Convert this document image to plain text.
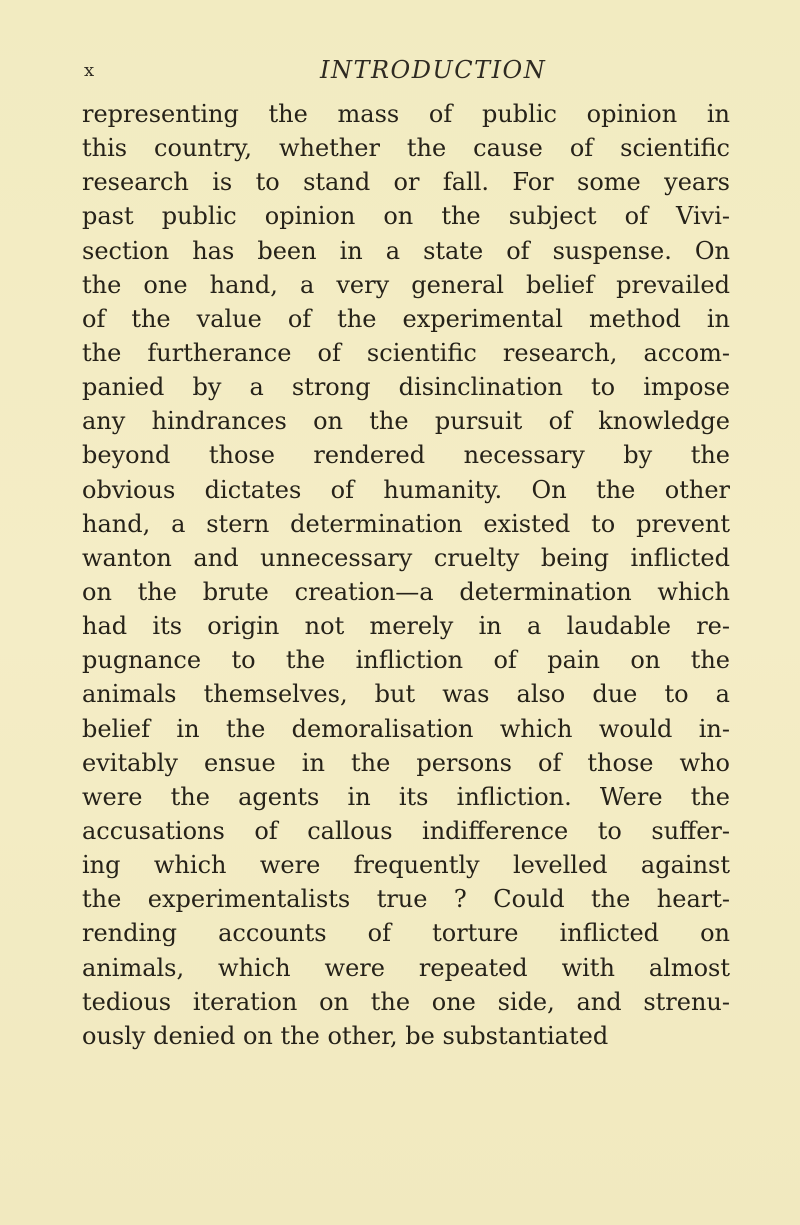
x	INTRODUCTION
representing the mass of public opinion in
this country, whether the cause of scientific
research is to stand or fall. For some years
past public opinion on the subject of Vivi-
section has been in a state of suspense. On
the one hand, a very general belief prevailed
of the value of the experimental method in
the furtherance of scientific research, accom-
panied by a strong disinclination to impose
any hindrances on the pursuit of knowledge
beyond those rendered necessary by the
obvious dictates of humanity. On the other
hand, a stern determination existed to prevent
wanton and unnecessary cruelty being inflicted
on the brute creation—a determination which
had its origin not merely in a laudable re-
pugnance to the infliction of pain on the
animals themselves, but was also due to a
belief in the demoralisation which would in-
evitably ensue in the persons of those who
were the agents in its infliction. Were the
accusations of callous indifference to suffer-
ing which were frequently levelled against
the experimentalists true ? Could the heart-
rending accounts of torture inflicted on
animals, which were repeated with almost
tedious iteration on the one side, and strenu-
ously denied on the other, be substantiated
